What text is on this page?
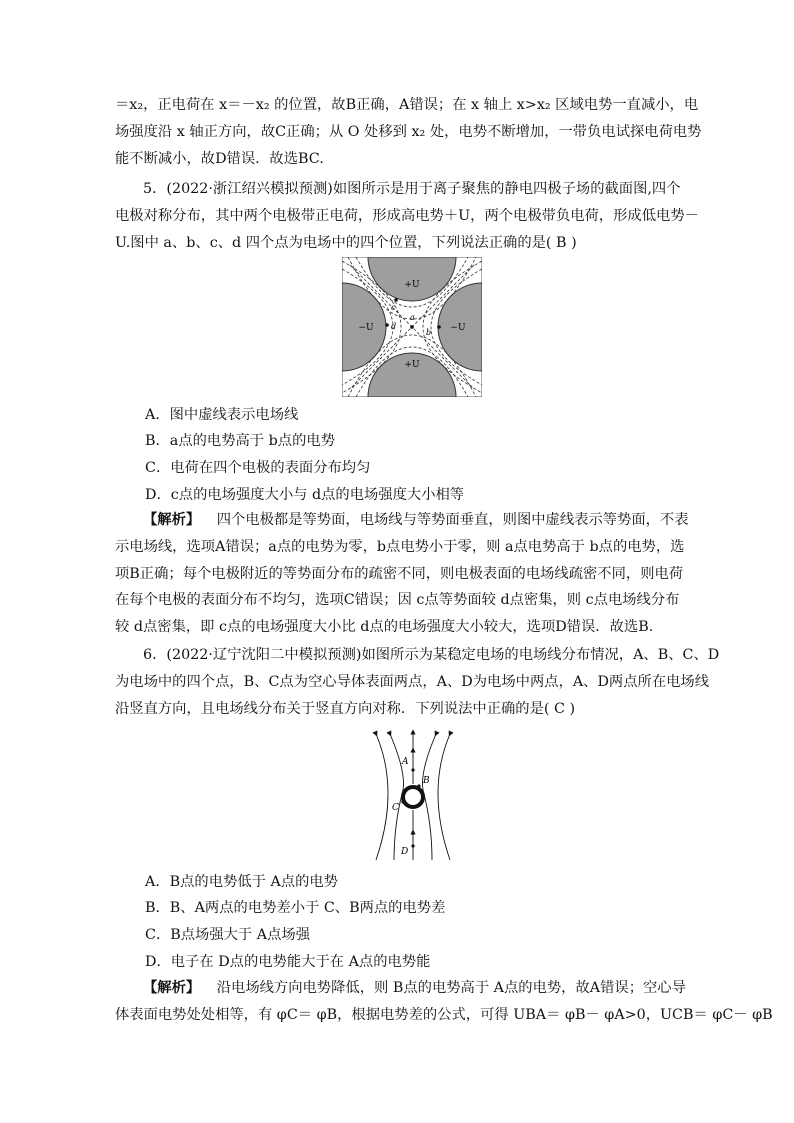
＝x₂，正电荷在 x＝－x₂ 的位置，故B正确，A错误；在 x 轴上 x>x₂ 区域电势一直减小，电
场强度沿 x 轴正方向，故C正确；从 O 处移到 x₂ 处，电势不断增加，一带负电试探电荷电势
能不断减小，故D错误．故选BC.

5．(2022·浙江绍兴模拟预测)如图所示是用于离子聚焦的静电四极子场的截面图,四个
电极对称分布，其中两个电极带正电荷，形成高电势＋U，两个电极带负电荷，形成低电势－
U.图中 a、b、c、d 四个点为电场中的四个位置，下列说法正确的是( B )

+U
+U
−U	−U
a
b
c
d

A．图中虚线表示电场线

B．a点的电势高于 b点的电势

C．电荷在四个电极的表面分布均匀

D．c点的电场强度大小与 d点的电场强度大小相等

【解析】 四个电极都是等势面，电场线与等势面垂直，则图中虚线表示等势面，不表
示电场线，选项A错误；a点的电势为零，b点电势小于零，则 a点电势高于 b点的电势，选
项B正确；每个电极附近的等势面分布的疏密不同，则电极表面的电场线疏密不同，则电荷
在每个电极的表面分布不均匀，选项C错误；因 c点等势面较 d点密集，则 c点电场线分布
较 d点密集，即 c点的电场强度大小比 d点的电场强度大小较大，选项D错误．故选B.

6．(2022·辽宁沈阳二中模拟预测)如图所示为某稳定电场的电场线分布情况，A、B、C、D
为电场中的四个点，B、C点为空心导体表面两点，A、D为电场中两点，A、D两点所在电场线
沿竖直方向，且电场线分布关于竖直方向对称．下列说法中正确的是( C )

A
B
C
D

A．B点的电势低于 A点的电势

B．B、A两点的电势差小于 C、B两点的电势差

C．B点场强大于 A点场强

D．电子在 D点的电势能大于在 A点的电势能

【解析】 沿电场线方向电势降低，则 B点的电势高于 A点的电势，故A错误；空心导
体表面电势处处相等，有 φC＝ φB，根据电势差的公式，可得 UBA＝ φB－ φA>0，UCB＝ φC－ φB
